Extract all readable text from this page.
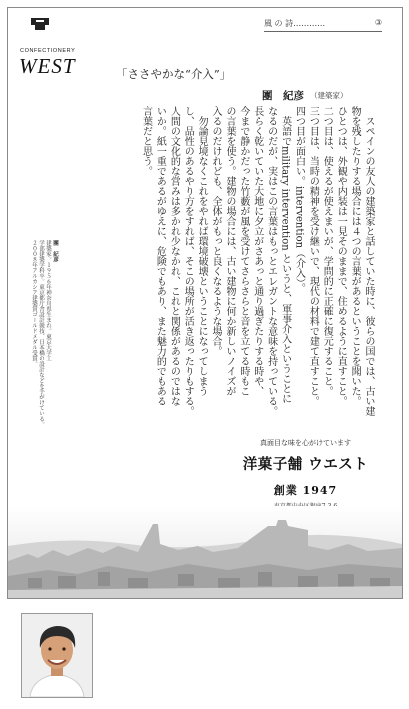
CONFECTIONERY
WEST
風 の 詩…………	③
「ささやかな“介入”」
團　紀彦 （建築家）
　スペインの友人の建築家と話していた時に、彼らの国では、古い建
物を残したりする場合には４つの言葉があるということを聞いた。
ひとつは、外観や内装は一見そのままで、住めるように直すこと。
二つ目は、使えるが使えまいが、学問的に正確に復元すること。
三つ目は、当時の精神を受け継いで、現代の材料で建て直すこと。
四つ目が面白い。intervention（介入）。
　英語でmilitary intervention というと、軍事介入ということに
なるのだが、実はこの言葉はもっとエレガントな意味を持っている。
長らく乾いていた大地に夕立がさあっと通り過ぎたりする時や、
今まで静かだった竹藪が風を受けてさらさらと音を立てる時もこ
の言葉を使う。建物の場合には、古い建物に何か新しいノイズが
入るのだけれども、全体がもっと良くなるような場合。
　勿論見境なくこれをやれば環境破壊ということになってしまう
し、品性のあるやり方をすれば、そこの場所が活き返ったりもする。
人間の文化的な営みは多かれ少なかれ、これと関係があるのではな
いか。紙一重であるがゆえに、危険でもあり、また魅力的でもある
言葉だと思う。
團　紀彦
建築家。１９５６年神奈川県生まれ。東京大学工
学部建築学科卒。東京都庁舎設計競技、日本橋の設計などを手がけている。
２００８年アルカシア建築賞ゴールドメダル受賞。
真面目な味を心がけています
洋菓子舗 ウエスト
創業 1947
